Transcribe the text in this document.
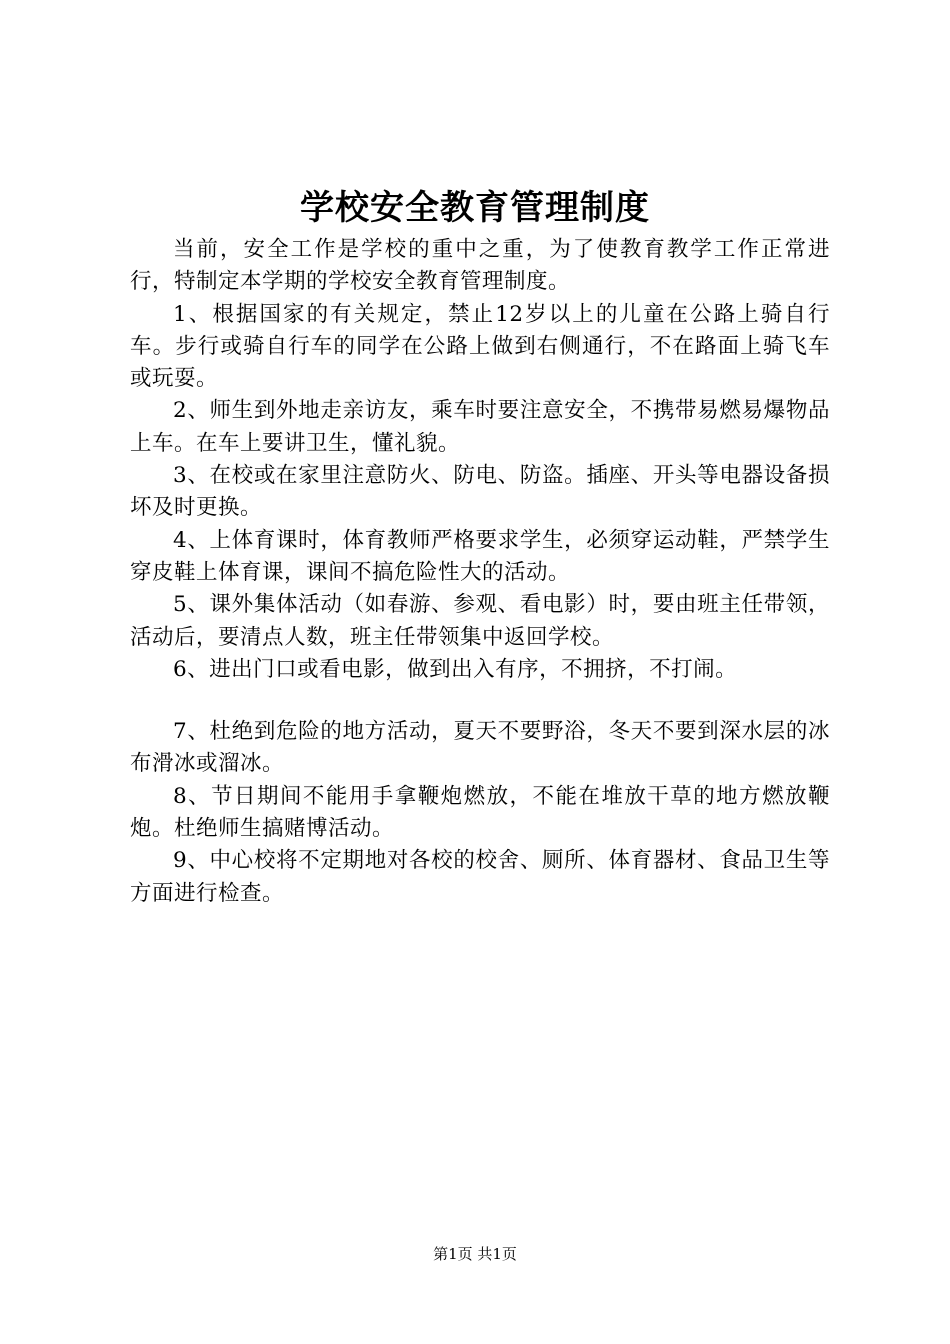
学校安全教育管理制度

当前，安全工作是学校的重中之重，为了使教育教学工作正常进行，特制定本学期的学校安全教育管理制度。

1、根据国家的有关规定，禁止12岁以上的儿童在公路上骑自行车。步行或骑自行车的同学在公路上做到右侧通行，不在路面上骑飞车或玩耍。

2、师生到外地走亲访友，乘车时要注意安全，不携带易燃易爆物品上车。在车上要讲卫生，懂礼貌。

3、在校或在家里注意防火、防电、防盗。插座、开头等电器设备损坏及时更换。

4、上体育课时，体育教师严格要求学生，必须穿运动鞋，严禁学生穿皮鞋上体育课，课间不搞危险性大的活动。

5、课外集体活动（如春游、参观、看电影）时，要由班主任带领，活动后，要清点人数，班主任带领集中返回学校。

6、进出门口或看电影，做到出入有序，不拥挤，不打闹。

7、杜绝到危险的地方活动，夏天不要野浴，冬天不要到深水层的冰布滑冰或溜冰。

8、节日期间不能用手拿鞭炮燃放，不能在堆放干草的地方燃放鞭炮。杜绝师生搞赌博活动。

9、中心校将不定期地对各校的校舍、厕所、体育器材、食品卫生等方面进行检查。

第1页 共1页
